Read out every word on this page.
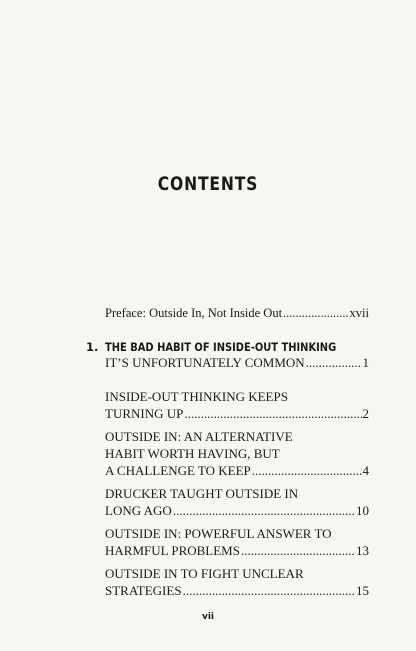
CONTENTS
Preface: Outside In, Not Inside Out .....	xvii
1. THE BAD HABIT OF INSIDE-OUT THINKING
IT’S UNFORTUNATELY COMMON .....	1
INSIDE-OUT THINKING KEEPS
TURNING UP .....	2
OUTSIDE IN: AN ALTERNATIVE
HABIT WORTH HAVING, BUT
A CHALLENGE TO KEEP .....	4
DRUCKER TAUGHT OUTSIDE IN
LONG AGO .....	10
OUTSIDE IN: POWERFUL ANSWER TO
HARMFUL PROBLEMS .....	13
OUTSIDE IN TO FIGHT UNCLEAR
STRATEGIES .....	15
vii
